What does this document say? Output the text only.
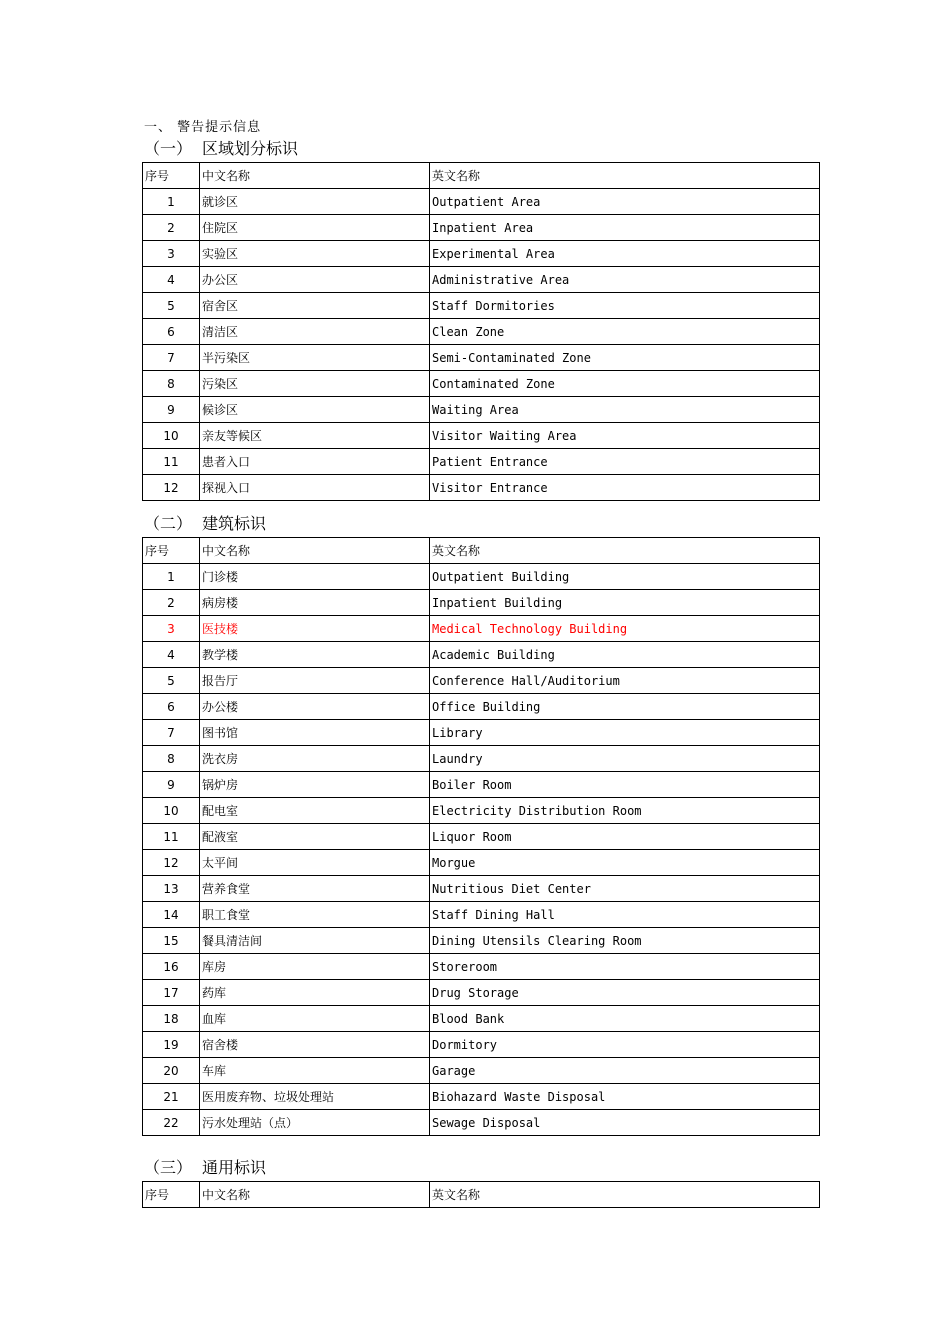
一、 警告提示信息
（一） 区域划分标识
序号	中文名称	英文名称
1	就诊区	Outpatient Area
2	住院区	Inpatient Area
3	实验区	Experimental Area
4	办公区	Administrative Area
5	宿舍区	Staff Dormitories
6	清洁区	Clean Zone
7	半污染区	Semi-Contaminated Zone
8	污染区	Contaminated Zone
9	候诊区	Waiting Area
10	亲友等候区	Visitor Waiting Area
11	患者入口	Patient Entrance
12	探视入口	Visitor Entrance
（二） 建筑标识
序号	中文名称	英文名称
1	门诊楼	Outpatient Building
2	病房楼	Inpatient Building
3	医技楼	Medical Technology Building
4	教学楼	Academic Building
5	报告厅	Conference Hall/Auditorium
6	办公楼	Office Building
7	图书馆	Library
8	洗衣房	Laundry
9	锅炉房	Boiler Room
10	配电室	Electricity Distribution Room
11	配液室	Liquor Room
12	太平间	Morgue
13	营养食堂	Nutritious Diet Center
14	职工食堂	Staff Dining Hall
15	餐具清洁间	Dining Utensils Clearing Room
16	库房	Storeroom
17	药库	Drug Storage
18	血库	Blood Bank
19	宿舍楼	Dormitory
20	车库	Garage
21	医用废弃物、垃圾处理站	Biohazard Waste Disposal
22	污水处理站（点）	Sewage Disposal
（三） 通用标识
序号	中文名称	英文名称
